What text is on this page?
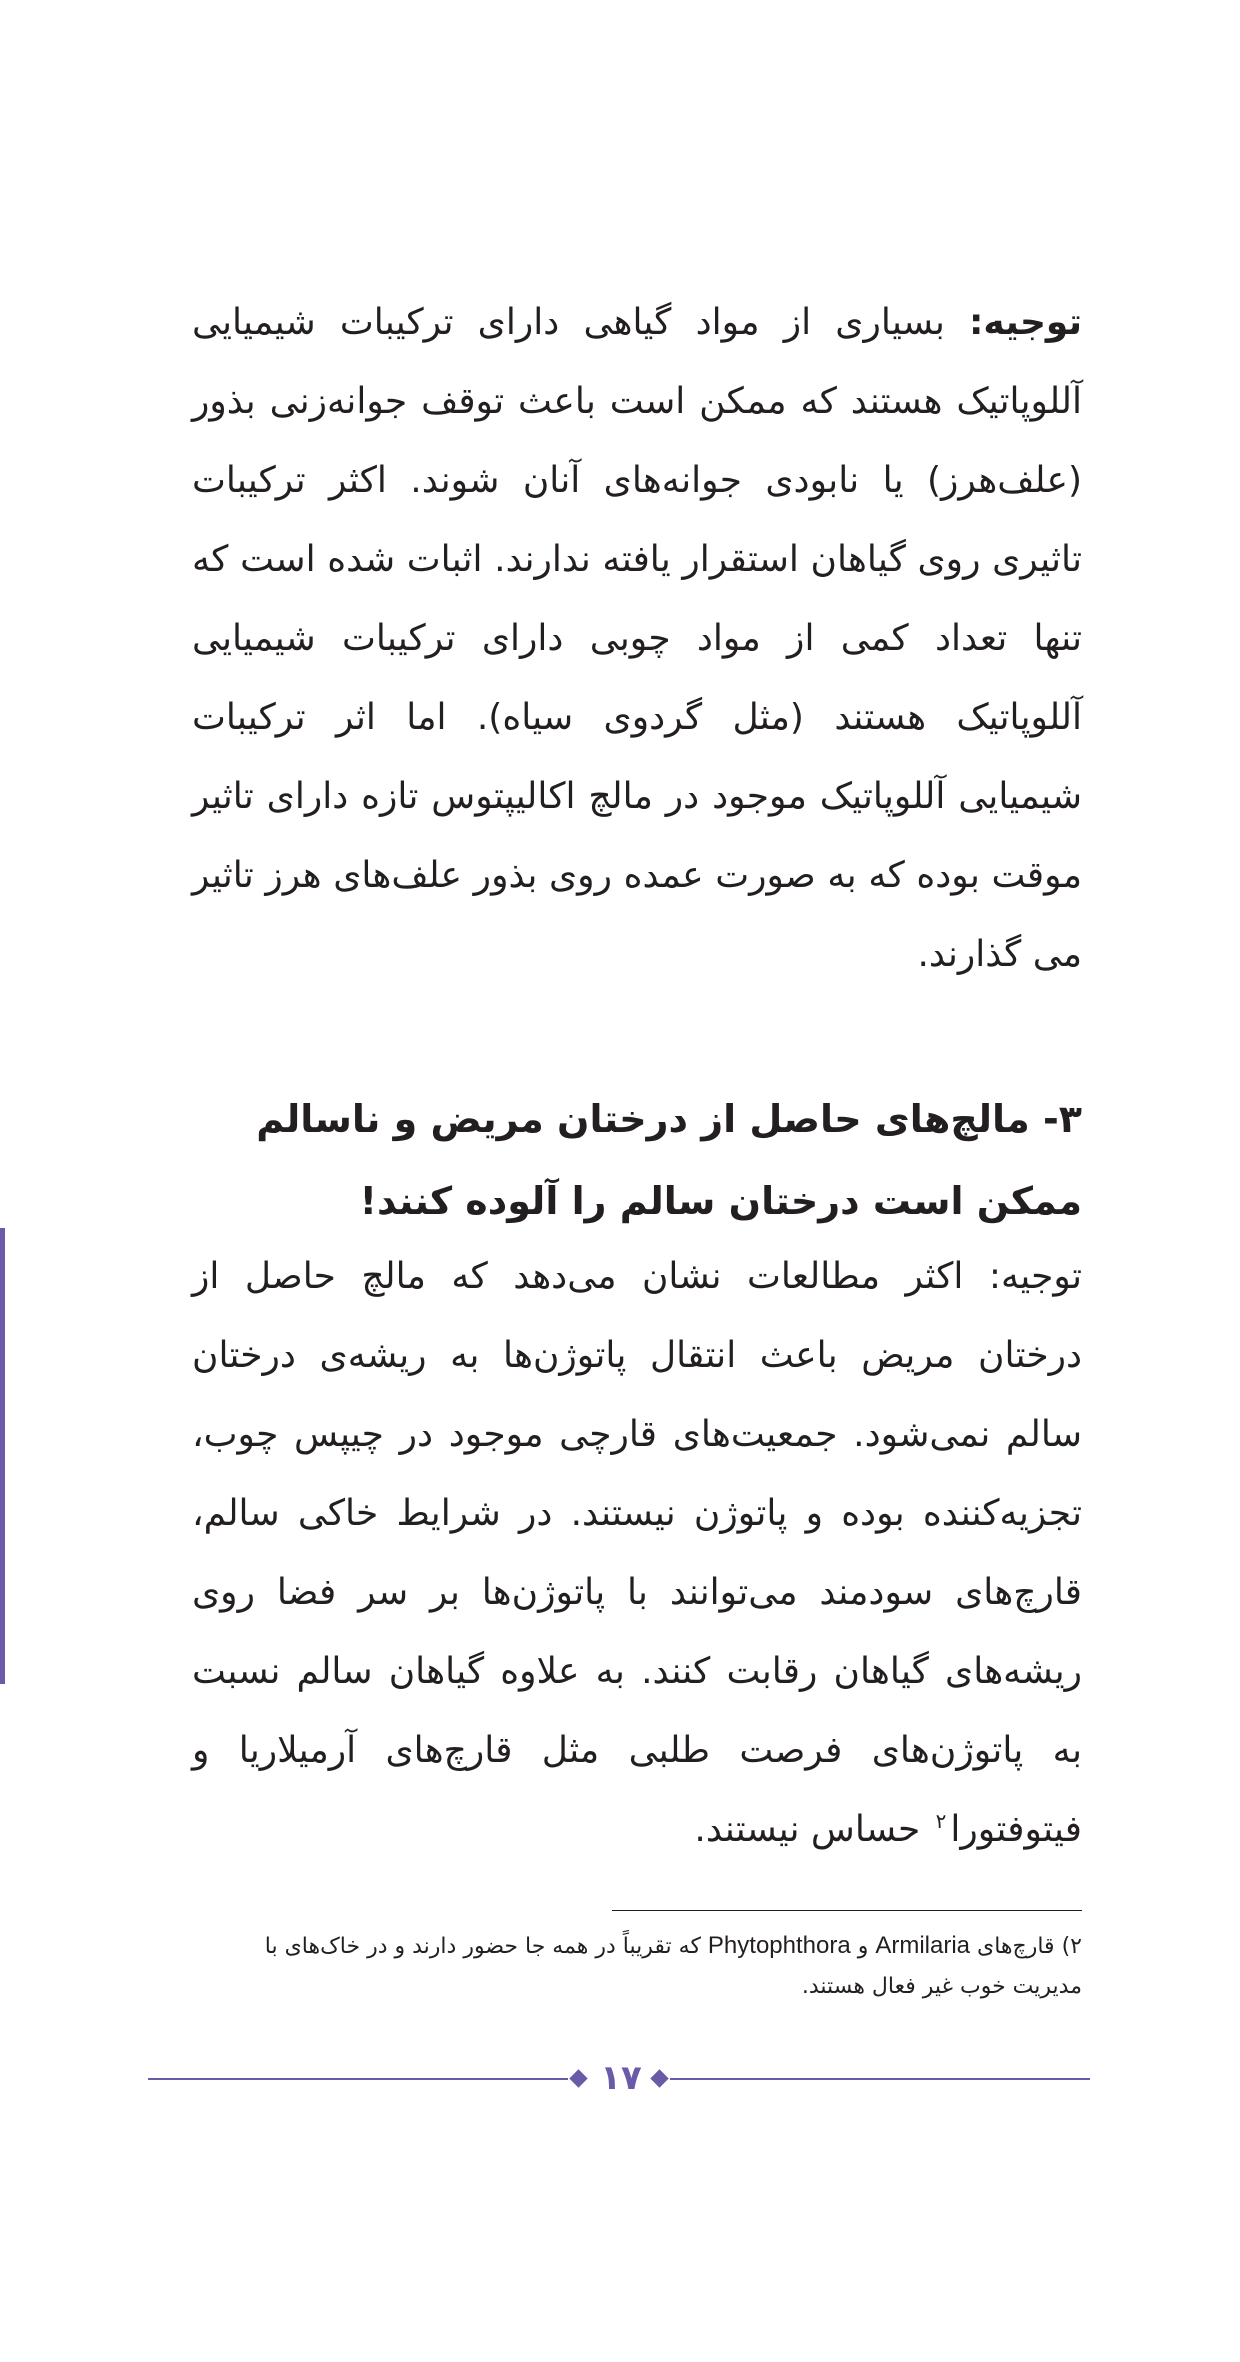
توجیه: بسیاری از مواد گیاهی دارای ترکیبات شیمیایی آللوپاتیک هستند که ممکن است باعث توقف جوانه‌زنی بذور (علف‌هرز) یا نابودی جوانه‌های آنان شوند. اکثر ترکیبات تاثیری روی گیاهان استقرار یافته ندارند. اثبات شده است که تنها تعداد کمی از مواد چوبی دارای ترکیبات شیمیایی آللوپاتیک هستند (مثل گردوی سیاه). اما اثر ترکیبات شیمیایی آللوپاتیک موجود در مالچ اکالیپتوس تازه دارای تاثیر موقت بوده که به صورت عمده روی بذور علف‌های هرز تاثیر می گذارند.

۳- مالچ‌های حاصل از درختان مریض و ناسالم ممکن است درختان سالم را آلوده کنند!

توجیه: اکثر مطالعات نشان می‌دهد که مالچ حاصل از درختان مریض باعث انتقال پاتوژن‌ها به ریشه‌ی درختان سالم نمی‌شود. جمعیت‌های قارچی موجود در چیپس چوب، تجزیه‌کننده بوده و پاتوژن نیستند. در شرایط خاکی سالم، قارچ‌های سودمند می‌توانند با پاتوژن‌ها بر سر فضا روی ریشه‌های گیاهان رقابت کنند. به علاوه گیاهان سالم نسبت به پاتوژن‌های فرصت طلبی مثل قارچ‌های آرمیلاریا و فیتوفتورا$^۲$ حساس نیستند.

۲) قارچ‌های Armilaria و Phytophthora که تقریباً در همه جا حضور دارند و در خاک‌های با مدیریت خوب غیر فعال هستند.

۱۷
